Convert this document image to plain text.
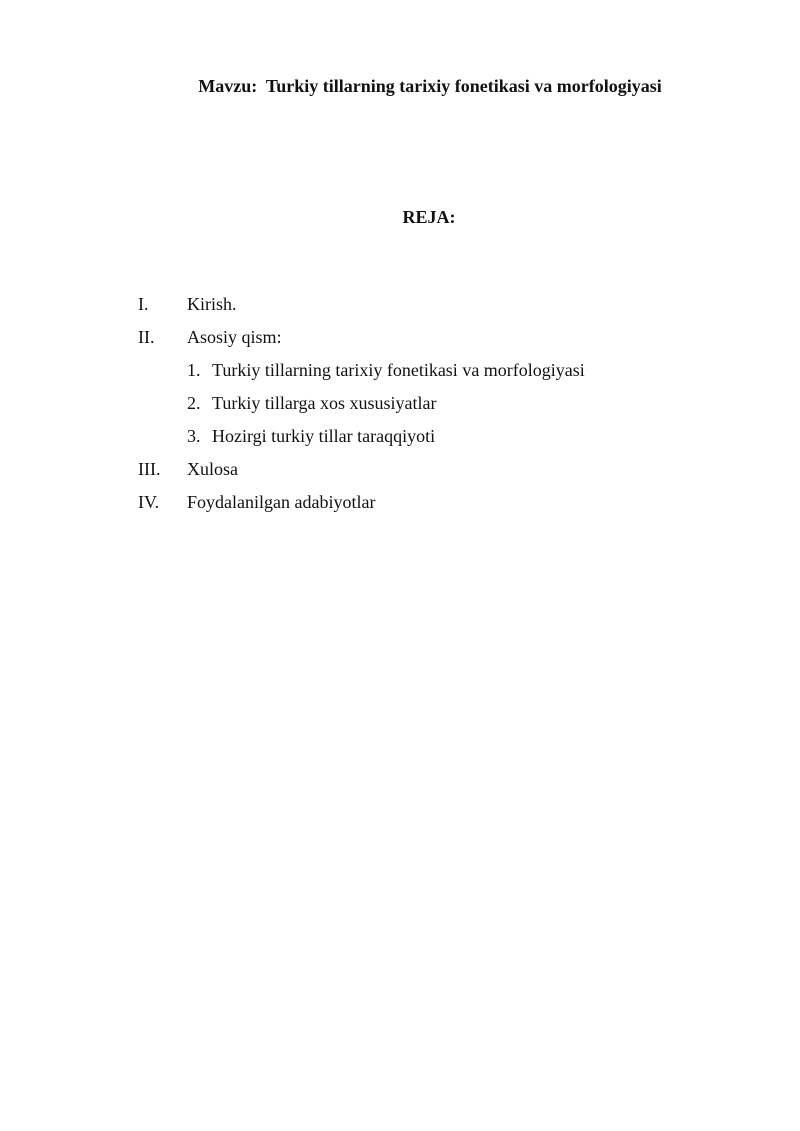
Mavzu:  Turkiy tillarning tarixiy fonetikasi va morfologiyasi
REJA:
I. Kirish.
II. Asosiy qism:
1. Turkiy tillarning tarixiy fonetikasi va morfologiyasi
2. Turkiy tillarga xos xususiyatlar
3. Hozirgi turkiy tillar taraqqiyoti
III. Xulosa
IV. Foydalanilgan adabiyotlar
